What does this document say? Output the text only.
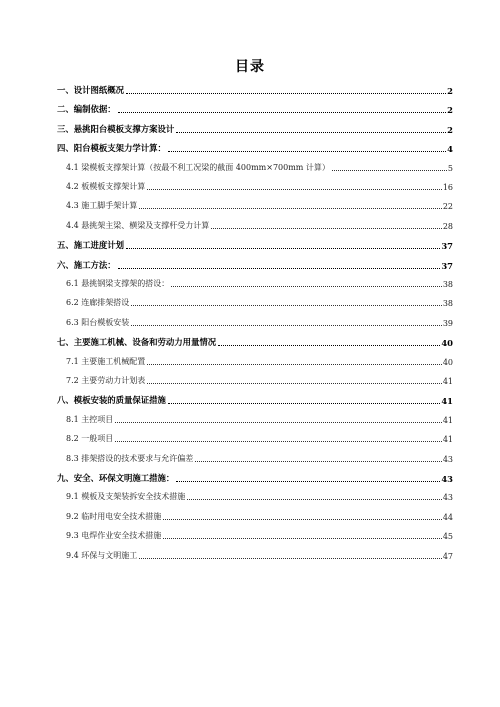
目录
一、设计图纸概况	2
二、编制依据：	2
三、悬挑阳台模板支撑方案设计	2
四、阳台模板支架力学计算：	4
4.1 梁模板支撑架计算（按最不利工况梁的截面 400mm×700mm 计算）	5
4.2 板模板支撑架计算	16
4.3 施工脚手架计算	22
4.4 悬挑架主梁、横梁及支撑杆受力计算	28
五、施工进度计划	37
六、施工方法：	37
6.1 悬挑钢梁支撑架的搭设：	38
6.2 连廊排架搭设	38
6.3 阳台模板安装	39
七、主要施工机械、设备和劳动力用量情况	40
7.1 主要施工机械配置	40
7.2 主要劳动力计划表	41
八、模板安装的质量保证措施	41
8.1 主控项目	41
8.2 一般项目	41
8.3 排架搭设的技术要求与允许偏差	43
九、安全、环保文明施工措施：	43
9.1 模板及支架装拆安全技术措施	43
9.2 临时用电安全技术措施	44
9.3 电焊作业安全技术措施	45
9.4 环保与文明施工	47
